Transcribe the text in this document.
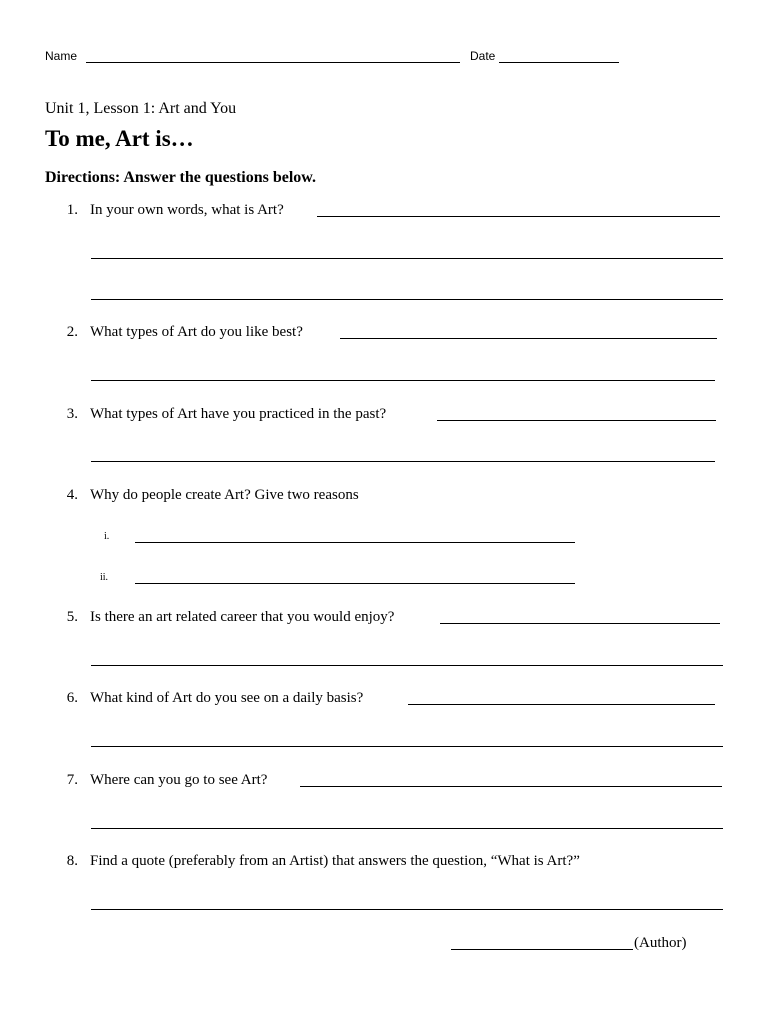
Name	Date
Unit 1, Lesson 1: Art and You
To me, Art is…
Directions: Answer the questions below.
1. In your own words, what is Art?
2. What types of Art do you like best?
3. What types of Art have you practiced in the past?
4. Why do people create Art? Give two reasons
i.
ii.
5. Is there an art related career that you would enjoy?
6. What kind of Art do you see on a daily basis?
7. Where can you go to see Art?
8. Find a quote (preferably from an Artist) that answers the question, “What is Art?”
(Author)
